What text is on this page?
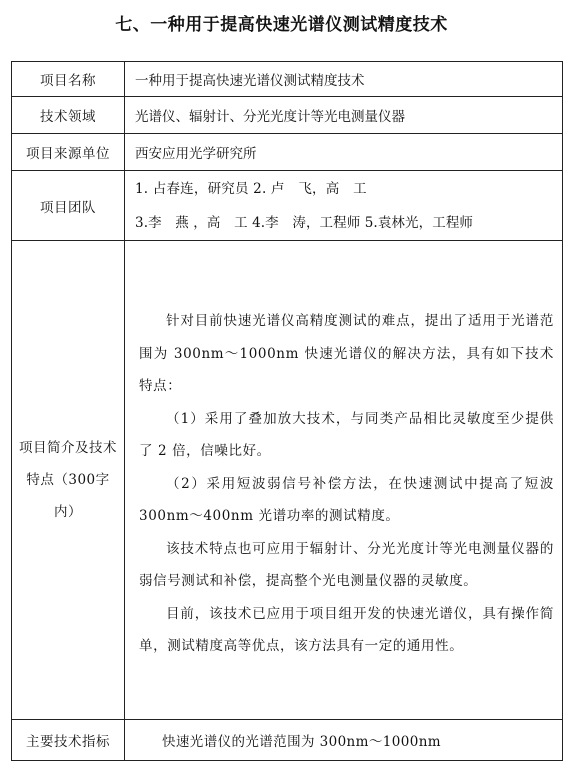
七、一种用于提高快速光谱仪测试精度技术
项目名称	一种用于提高快速光谱仪测试精度技术
技术领域	光谱仪、辐射计、分光光度计等光电测量仪器
项目来源单位	西安应用光学研究所
项目团队	1. 占春连，研究员 2. 卢　飞，高　工
3.李　燕 ，高　工 4.李　涛，工程师 5.袁林光，工程师

项目简介及技术特点（300字内）	针对目前快速光谱仪高精度测试的难点，提出了适用于光谱范围为 300nm～1000nm 快速光谱仪的解决方法，具有如下技术特点：

（1）采用了叠加放大技术，与同类产品相比灵敏度至少提供了 2 倍，信噪比好。

（2）采用短波弱信号补偿方法，在快速测试中提高了短波 300nm～400nm 光谱功率的测试精度。

该技术特点也可应用于辐射计、分光光度计等光电测量仪器的弱信号测试和补偿，提高整个光电测量仪器的灵敏度。

目前，该技术已应用于项目组开发的快速光谱仪，具有操作简单，测试精度高等优点，该方法具有一定的通用性。

主要技术指标	快速光谱仪的光谱范围为 300nm～1000nm
